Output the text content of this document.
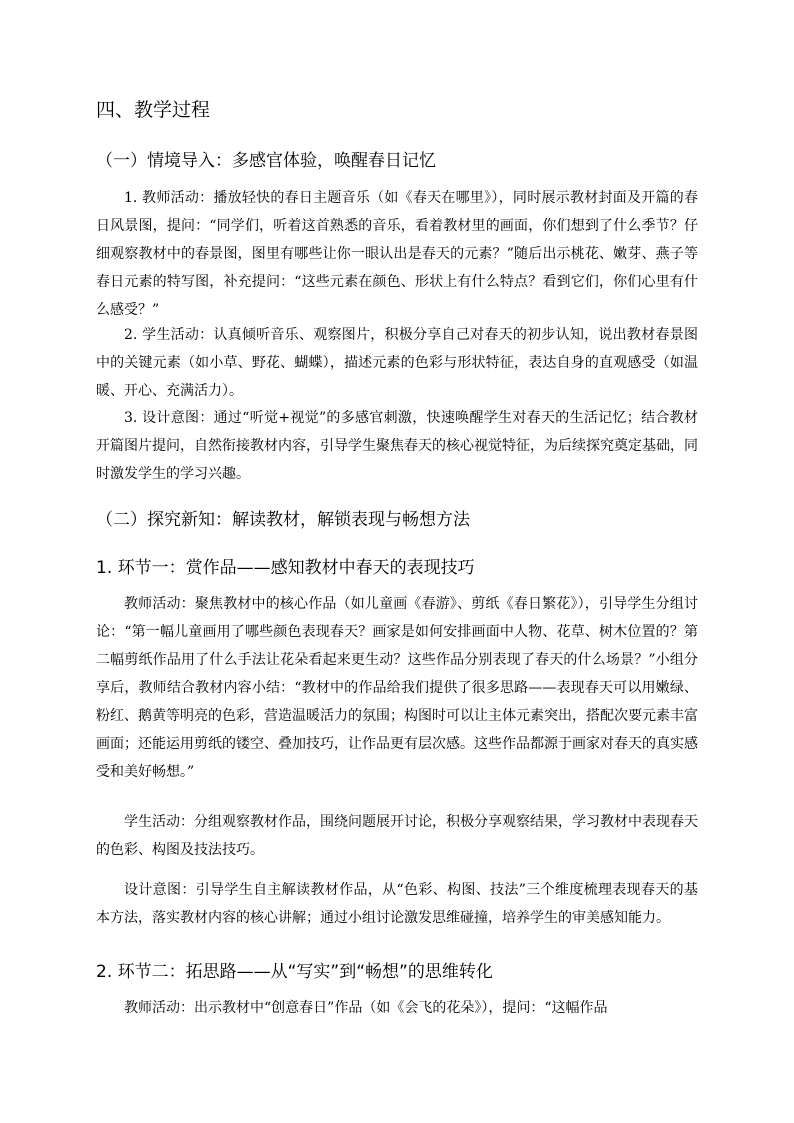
四、教学过程
（一）情境导入：多感官体验，唤醒春日记忆

1. 教师活动：播放轻快的春日主题音乐（如《春天在哪里》），同时展示教材封面及开篇的春日风景图，提问：“同学们，听着这首熟悉的音乐，看着教材里的画面，你们想到了什么季节？仔细观察教材中的春景图，图里有哪些让你一眼认出是春天的元素？”随后出示桃花、嫩芽、燕子等春日元素的特写图，补充提问：“这些元素在颜色、形状上有什么特点？看到它们，你们心里有什么感受？”

2. 学生活动：认真倾听音乐、观察图片，积极分享自己对春天的初步认知，说出教材春景图中的关键元素（如小草、野花、蝴蝶），描述元素的色彩与形状特征，表达自身的直观感受（如温暖、开心、充满活力）。

3. 设计意图：通过“听觉+视觉”的多感官刺激，快速唤醒学生对春天的生活记忆；结合教材开篇图片提问，自然衔接教材内容，引导学生聚焦春天的核心视觉特征，为后续探究奠定基础，同时激发学生的学习兴趣。

（二）探究新知：解读教材，解锁表现与畅想方法
1. 环节一：赏作品——感知教材中春天的表现技巧

教师活动：聚焦教材中的核心作品（如儿童画《春游》、剪纸《春日繁花》），引导学生分组讨论：“第一幅儿童画用了哪些颜色表现春天？画家是如何安排画面中人物、花草、树木位置的？第二幅剪纸作品用了什么手法让花朵看起来更生动？这些作品分别表现了春天的什么场景？”小组分享后，教师结合教材内容小结：“教材中的作品给我们提供了很多思路——表现春天可以用嫩绿、粉红、鹅黄等明亮的色彩，营造温暖活力的氛围；构图时可以让主体元素突出，搭配次要元素丰富画面；还能运用剪纸的镂空、叠加技巧，让作品更有层次感。这些作品都源于画家对春天的真实感受和美好畅想。”

学生活动：分组观察教材作品，围绕问题展开讨论，积极分享观察结果，学习教材中表现春天的色彩、构图及技法技巧。

设计意图：引导学生自主解读教材作品，从“色彩、构图、技法”三个维度梳理表现春天的基本方法，落实教材内容的核心讲解；通过小组讨论激发思维碰撞，培养学生的审美感知能力。

2. 环节二：拓思路——从“写实”到“畅想”的思维转化

教师活动：出示教材中“创意春日”作品（如《会飞的花朵》），提问：“这幅作品
